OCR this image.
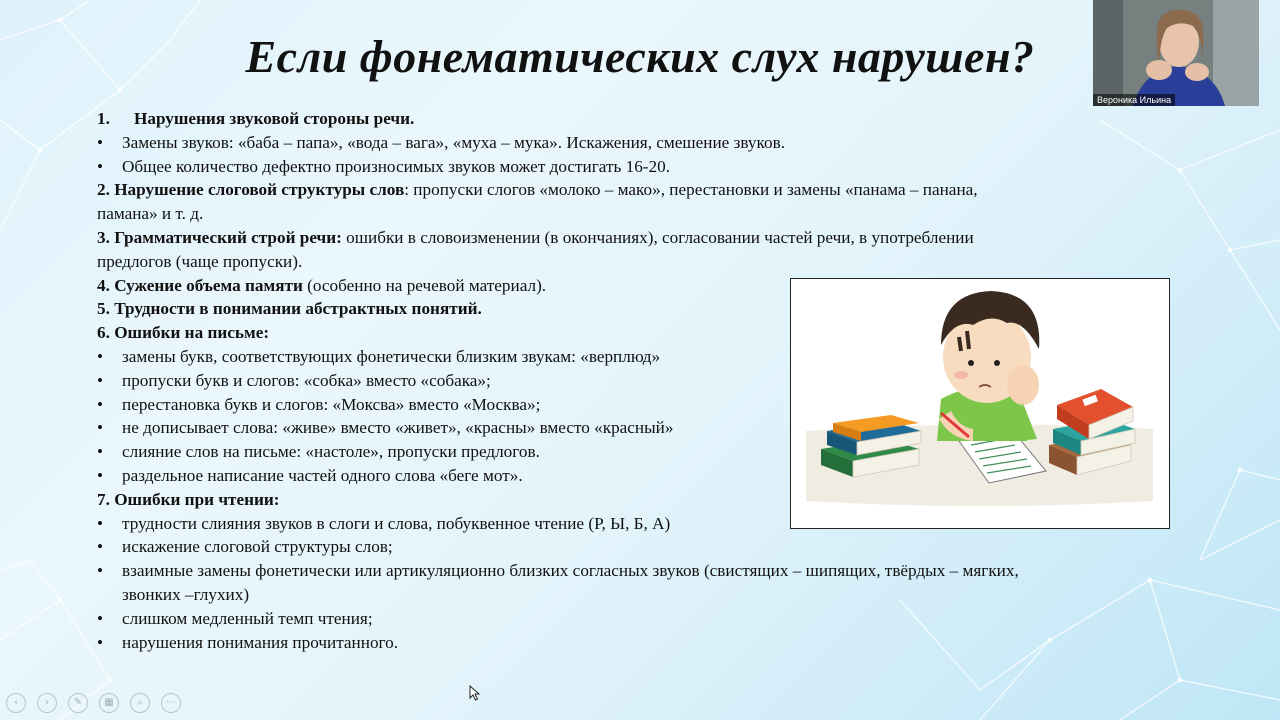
Если фонематических слух нарушен?
1. Нарушения звуковой стороны речи.
• Замены звуков: «баба – папа», «вода – вага», «муха – мука». Искажения, смешение звуков.
• Общее количество дефектно произносимых звуков может достигать 16-20.
2. Нарушение слоговой структуры слов: пропуски слогов «молоко – мако», перестановки и замены «панама – панана,
памана» и т. д.
3. Грамматический строй речи: ошибки в словоизменении (в окончаниях), согласовании частей речи, в употреблении
предлогов (чаще пропуски).
4. Сужение объема памяти (особенно на речевой материал).
5. Трудности в понимании абстрактных понятий.
6. Ошибки на письме:
• замены букв, соответствующих фонетически близким звукам: «верплюд»
• пропуски букв и слогов: «собка» вместо «собака»;
• перестановка букв и слогов: «Моксва» вместо «Москва»;
• не дописывает слова: «живе» вместо «живет», «красны» вместо «красный»
• слияние слов на письме: «настоле», пропуски предлогов.
• раздельное написание частей одного слова «беге мот».
7. Ошибки при чтении:
• трудности слияния звуков в слоги и слова, побуквенное чтение (Р, Ы, Б, А)
• искажение слоговой структуры слов;
• взаимные замены фонетически или артикуляционно близких согласных звуков (свистящих – шипящих, твёрдых – мягких,
звонких –глухих)
• слишком медленный темп чтения;
• нарушения понимания прочитанного.
Вероника Ильина
‹	›	✎	▦	⌕	⋯
